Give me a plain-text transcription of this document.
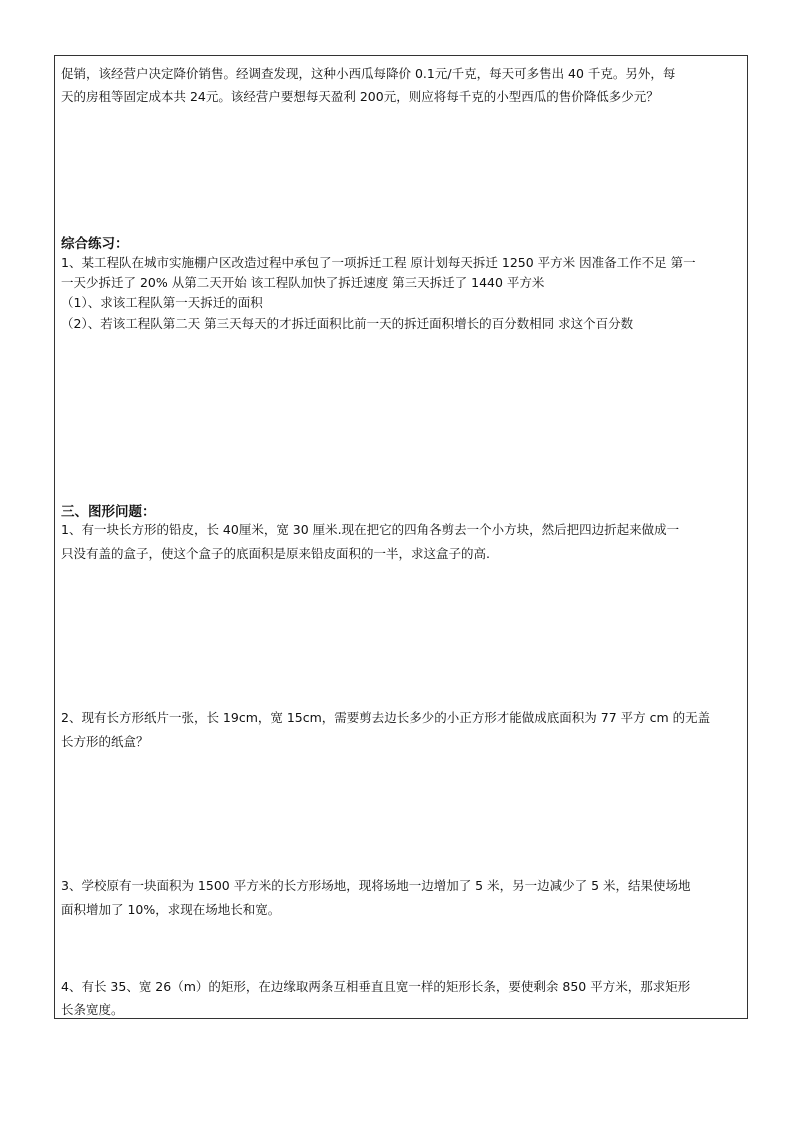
促销，该经营户决定降价销售。经调查发现，这种小西瓜每降价 0.1元/千克，每天可多售出 40 千克。另外，每
天的房租等固定成本共 24元。该经营户要想每天盈利 200元，则应将每千克的小型西瓜的售价降低多少元？
综合练习：
1、某工程队在城市实施棚户区改造过程中承包了一项拆迁工程 原计划每天拆迁 1250 平方米 因准备工作不足 第一
一天少拆迁了 20% 从第二天开始 该工程队加快了拆迁速度 第三天拆迁了 1440 平方米
（1）、求该工程队第一天拆迁的面积
（2）、若该工程队第二天 第三天每天的才拆迁面积比前一天的拆迁面积增长的百分数相同 求这个百分数
三、图形问题：
1、有一块长方形的铅皮，长 40厘米，宽 30 厘米.现在把它的四角各剪去一个小方块，然后把四边折起来做成一
只没有盖的盒子，使这个盒子的底面积是原来铅皮面积的一半，求这盒子的高.
2、现有长方形纸片一张，长 19cm，宽 15cm，需要剪去边长多少的小正方形才能做成底面积为 77 平方 cm 的无盖
长方形的纸盒？
3、学校原有一块面积为 1500 平方米的长方形场地，现将场地一边增加了 5 米，另一边减少了 5 米，结果使场地
面积增加了 10%，求现在场地长和宽。
4、有长 35、宽 26（m）的矩形，在边缘取两条互相垂直且宽一样的矩形长条，要使剩余 850 平方米，那求矩形
长条宽度。
